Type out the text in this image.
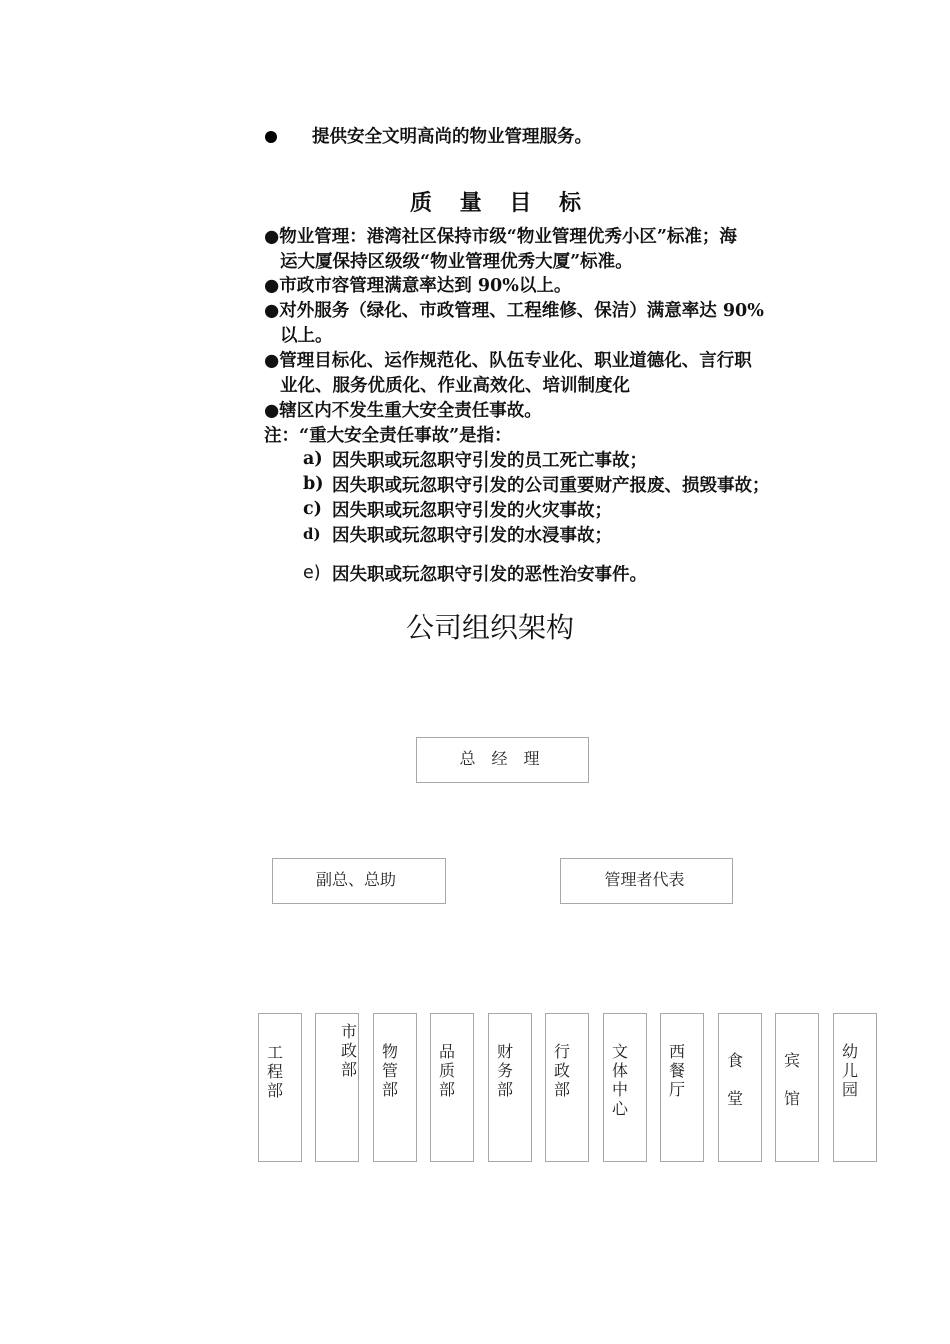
提供安全文明高尚的物业管理服务。
质 量 目 标
●物业管理：港湾社区保持市级“物业管理优秀小区”标准；海
运大厦保持区级级“物业管理优秀大厦”标准。
●市政市容管理满意率达到 90%以上。
●对外服务（绿化、市政管理、工程维修、保洁）满意率达 90%
以上。
●管理目标化、运作规范化、队伍专业化、职业道德化、言行职
业化、服务优质化、作业高效化、培训制度化
●辖区内不发生重大安全责任事故。
注：“重大安全责任事故”是指：
a) 因失职或玩忽职守引发的员工死亡事故；
b) 因失职或玩忽职守引发的公司重要财产报废、损毁事故；
c) 因失职或玩忽职守引发的火灾事故；
d) 因失职或玩忽职守引发的水浸事故；
e) 因失职或玩忽职守引发的恶性治安事件。
公司组织架构
总　经　理
副总、总助	管理者代表
工程部
市政部
物管部
品质部
财务部
行政部
文体中心
西餐厅
食堂
宾馆
幼儿园
